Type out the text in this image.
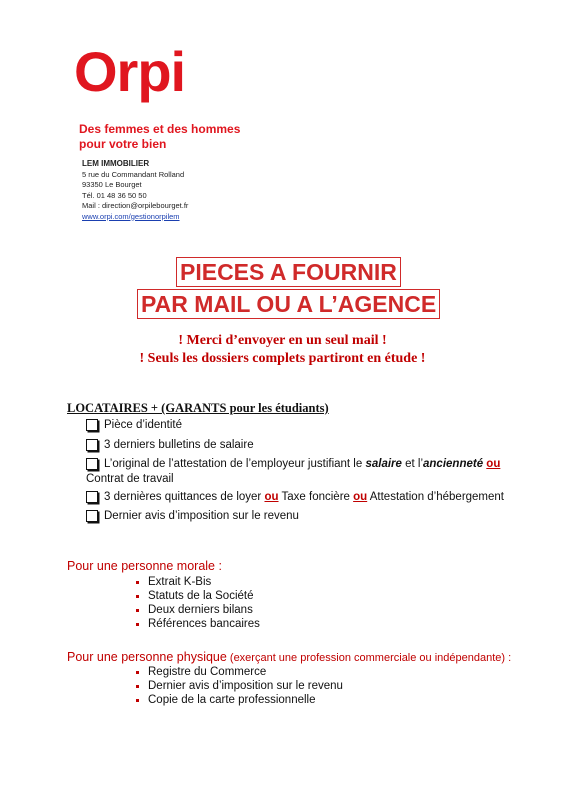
Orpi
Des femmes et des hommes
pour votre bien
LEM IMMOBILIER
5 rue du Commandant Rolland
93350 Le Bourget
Tél. 01 48 36 50 50
Mail : direction@orpilebourget.fr
www.orpi.com/gestionorpilem
PIECES A FOURNIR
PAR MAIL OU A L’AGENCE
! Merci d’envoyer en un seul mail !
! Seuls les dossiers complets partiront en étude !
LOCATAIRES + (GARANTS pour les étudiants)
Pièce d’identité
3 derniers bulletins de salaire
L’original de l’attestation de l’employeur justifiant le salaire et l’ancienneté ou
Contrat de travail
3 dernières quittances de loyer ou Taxe foncière ou Attestation d’hébergement
Dernier avis d’imposition sur le revenu
Pour une personne morale :
Extrait K-Bis
Statuts de la Société
Deux derniers bilans
Références bancaires
Pour une personne physique (exerçant une profession commerciale ou indépendante) :
Registre du Commerce
Dernier avis d’imposition sur le revenu
Copie de la carte professionnelle
